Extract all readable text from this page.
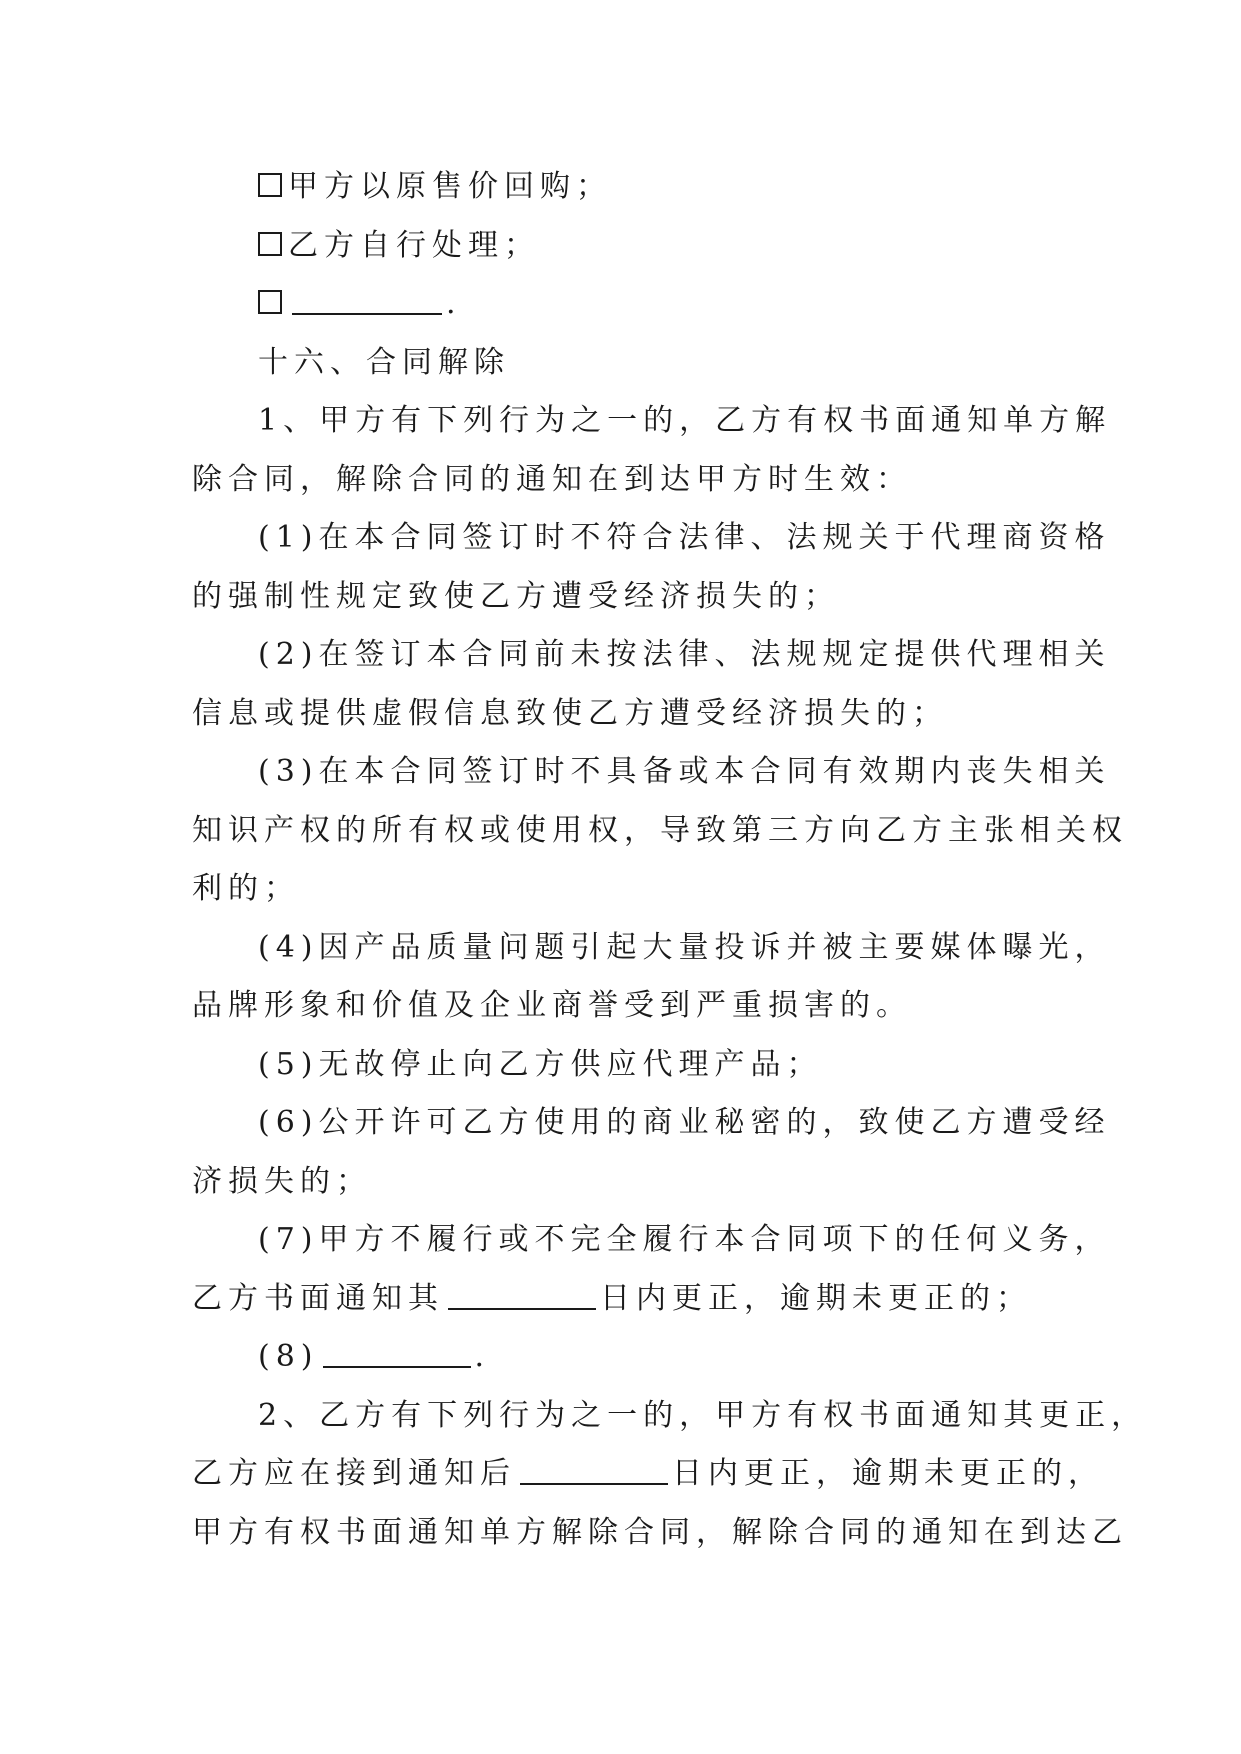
甲方以原售价回购；
乙方自行处理；
.
十六、合同解除
1、甲方有下列行为之一的，乙方有权书面通知单方解
除合同，解除合同的通知在到达甲方时生效：
(1)在本合同签订时不符合法律、法规关于代理商资格
的强制性规定致使乙方遭受经济损失的；
(2)在签订本合同前未按法律、法规规定提供代理相关
信息或提供虚假信息致使乙方遭受经济损失的；
(3)在本合同签订时不具备或本合同有效期内丧失相关
知识产权的所有权或使用权，导致第三方向乙方主张相关权
利的；
(4)因产品质量问题引起大量投诉并被主要媒体曝光，
品牌形象和价值及企业商誉受到严重损害的。
(5)无故停止向乙方供应代理产品；
(6)公开许可乙方使用的商业秘密的，致使乙方遭受经
济损失的；
(7)甲方不履行或不完全履行本合同项下的任何义务，
乙方书面通知其	日内更正，逾期未更正的；
(8)	.
2、乙方有下列行为之一的，甲方有权书面通知其更正，
乙方应在接到通知后	日内更正，逾期未更正的，
甲方有权书面通知单方解除合同，解除合同的通知在到达乙
